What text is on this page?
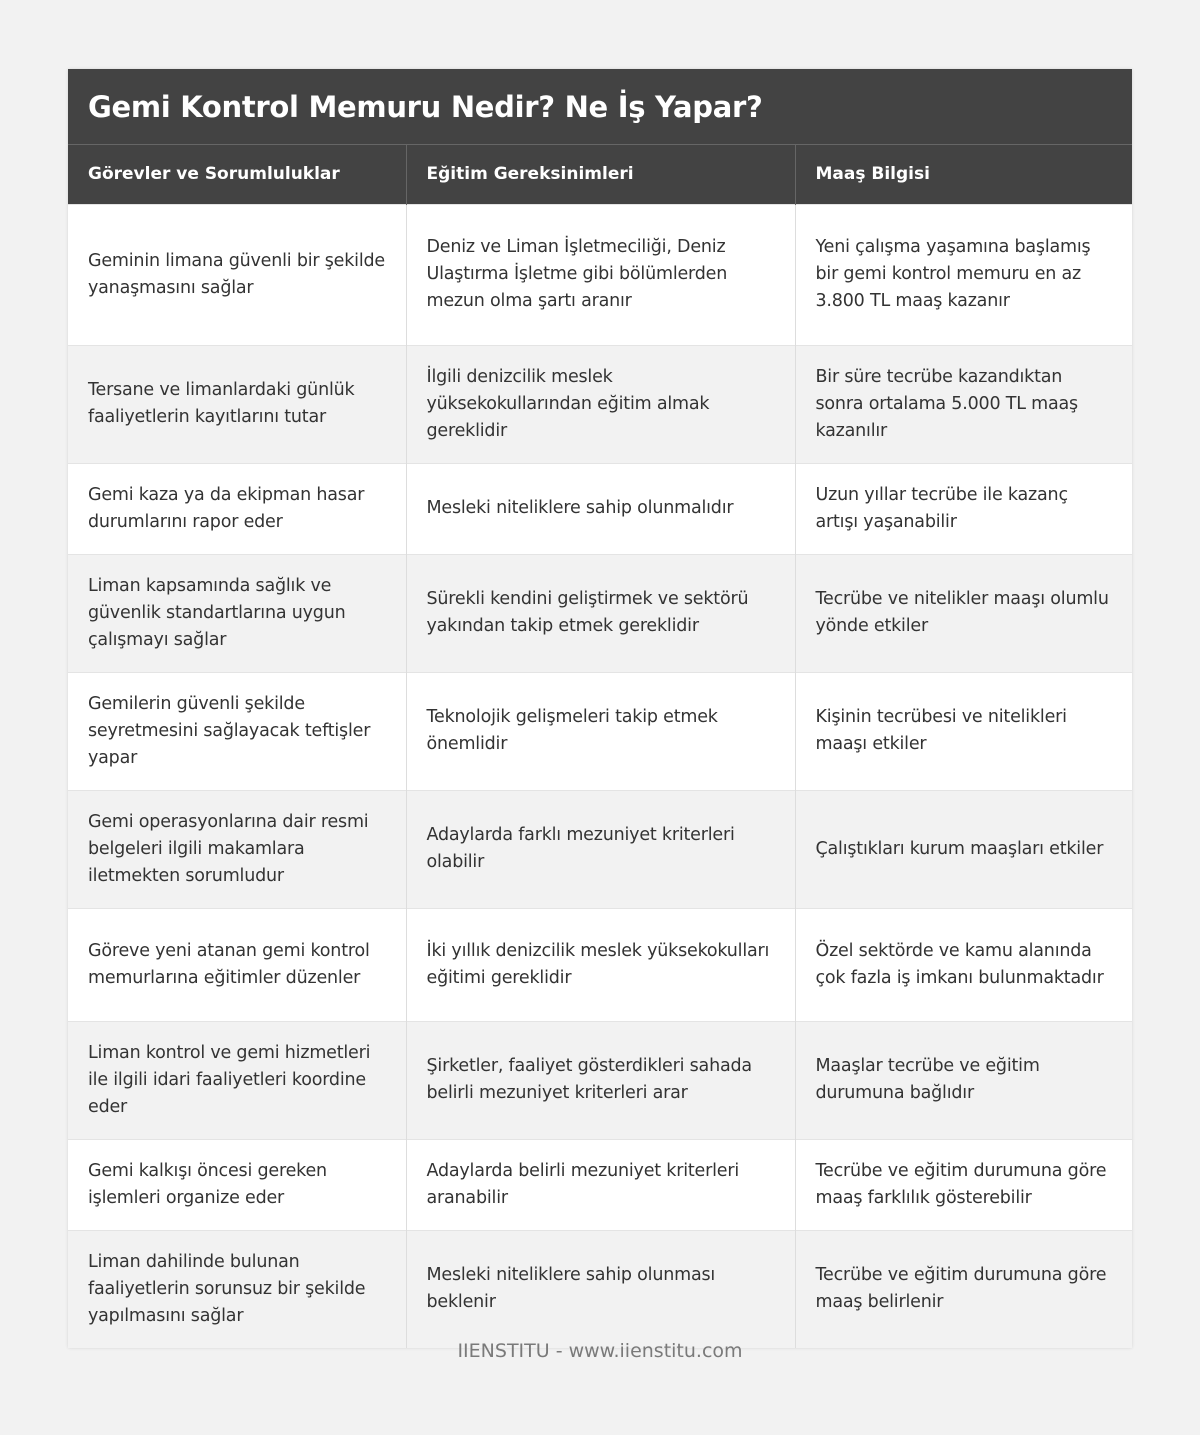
Gemi Kontrol Memuru Nedir? Ne İş Yapar?
Görevler ve Sorumluluklar	Eğitim Gereksinimleri	Maaş Bilgisi
Geminin limana güvenli bir şekilde yanaşmasını sağlar	Deniz ve Liman İşletmeciliği, Deniz Ulaştırma İşletme gibi bölümlerden mezun olma şartı aranır	Yeni çalışma yaşamına başlamış bir gemi kontrol memuru en az 3.800 TL maaş kazanır
Tersane ve limanlardaki günlük faaliyetlerin kayıtlarını tutar	İlgili denizcilik meslek yüksekokullarından eğitim almak gereklidir	Bir süre tecrübe kazandıktan sonra ortalama 5.000 TL maaş kazanılır
Gemi kaza ya da ekipman hasar durumlarını rapor eder	Mesleki niteliklere sahip olunmalıdır	Uzun yıllar tecrübe ile kazanç artışı yaşanabilir
Liman kapsamında sağlık ve güvenlik standartlarına uygun çalışmayı sağlar	Sürekli kendini geliştirmek ve sektörü yakından takip etmek gereklidir	Tecrübe ve nitelikler maaşı olumlu yönde etkiler
Gemilerin güvenli şekilde seyretmesini sağlayacak teftişler yapar	Teknolojik gelişmeleri takip etmek önemlidir	Kişinin tecrübesi ve nitelikleri maaşı etkiler
Gemi operasyonlarına dair resmi belgeleri ilgili makamlara iletmekten sorumludur	Adaylarda farklı mezuniyet kriterleri olabilir	Çalıştıkları kurum maaşları etkiler
Göreve yeni atanan gemi kontrol memurlarına eğitimler düzenler	İki yıllık denizcilik meslek yüksekokulları eğitimi gereklidir	Özel sektörde ve kamu alanında çok fazla iş imkanı bulunmaktadır
Liman kontrol ve gemi hizmetleri ile ilgili idari faaliyetleri koordine eder	Şirketler, faaliyet gösterdikleri sahada belirli mezuniyet kriterleri arar	Maaşlar tecrübe ve eğitim durumuna bağlıdır
Gemi kalkışı öncesi gereken işlemleri organize eder	Adaylarda belirli mezuniyet kriterleri aranabilir	Tecrübe ve eğitim durumuna göre maaş farklılık gösterebilir
Liman dahilinde bulunan faaliyetlerin sorunsuz bir şekilde yapılmasını sağlar	Mesleki niteliklere sahip olunması beklenir	Tecrübe ve eğitim durumuna göre maaş belirlenir
IIENSTITU - www.iienstitu.com
